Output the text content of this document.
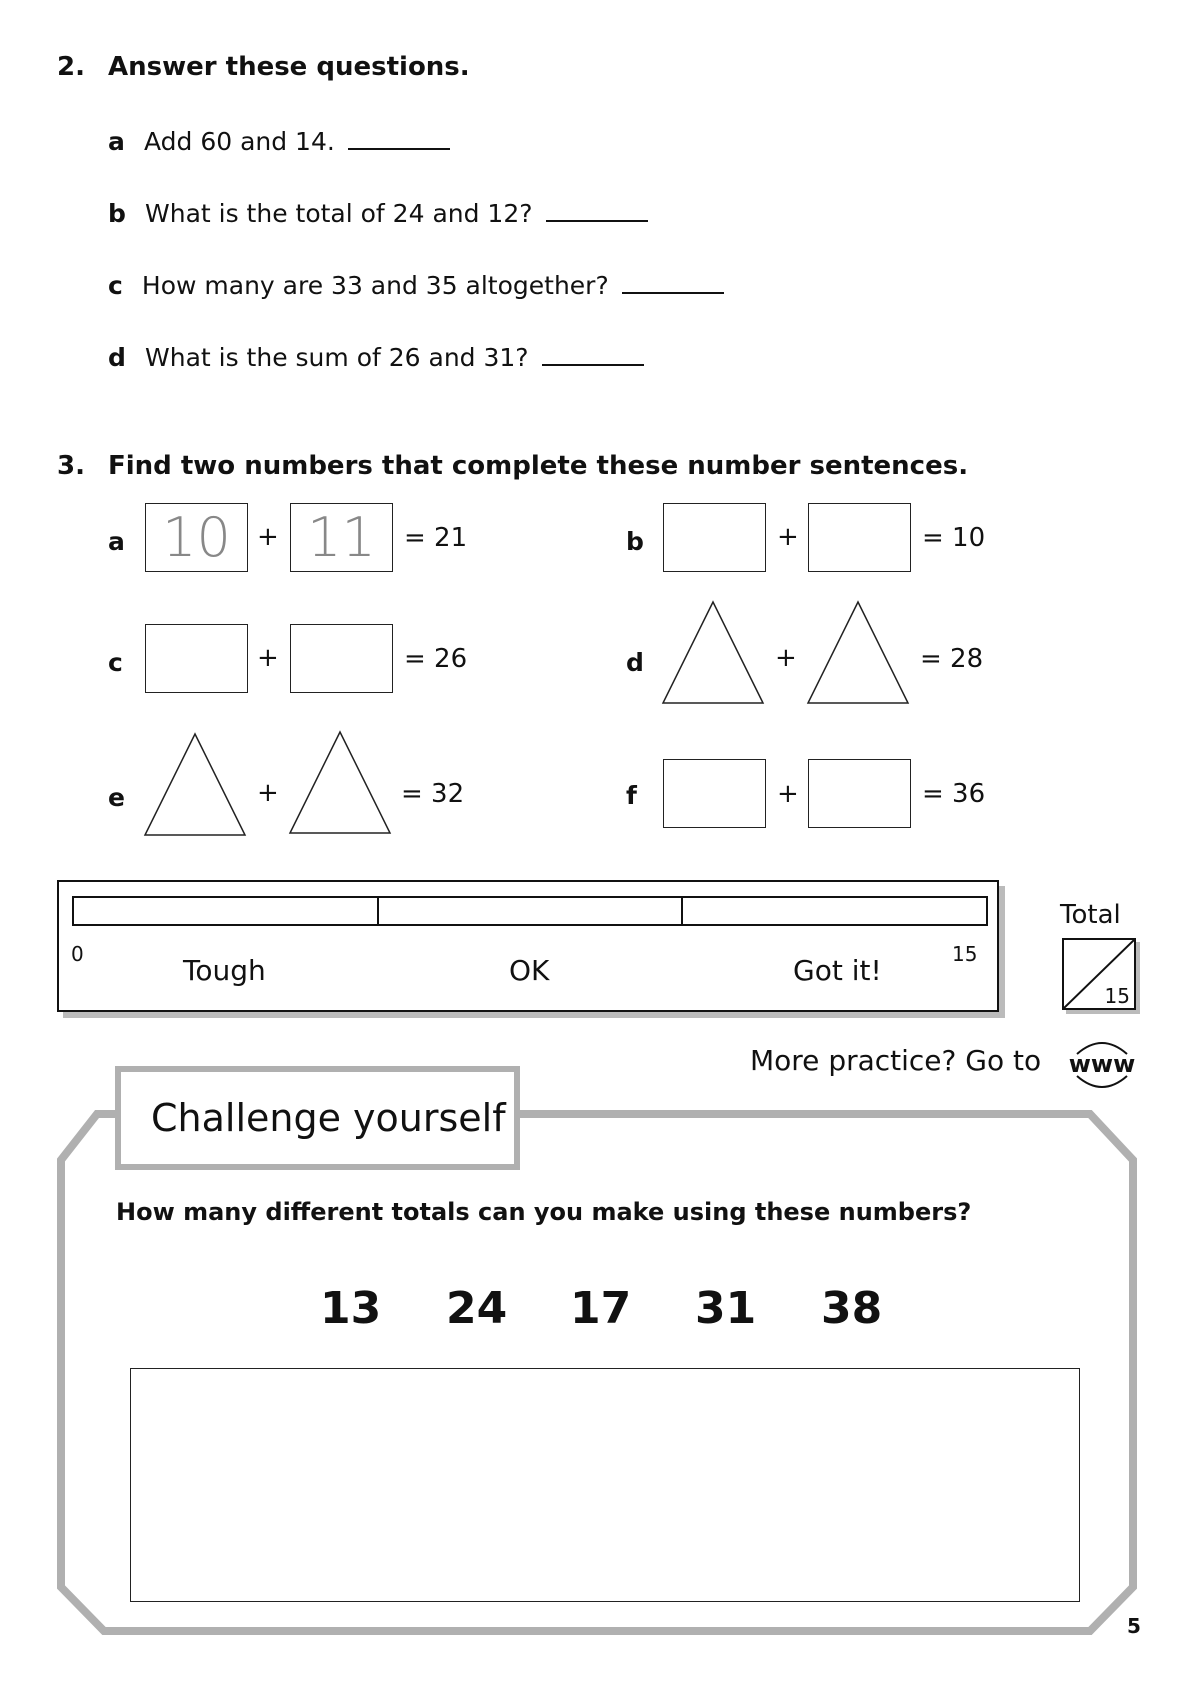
2. Answer these questions.
a Add 60 and 14.
b What is the total of 24 and 12?
c How many are 33 and 35 altogether?
d What is the sum of 26 and 31?
3. Find two numbers that complete these number sentences.
a 10	+ 11	= 21	b	+	= 10
c	+	= 26	d	+	= 28
e	+	= 32	f	+	= 36
0	15
Tough	OK	Got it!
Total
15
More practice? Go to www
Challenge yourself
How many different totals can you make using these numbers?
13 24 17 31 38
5
